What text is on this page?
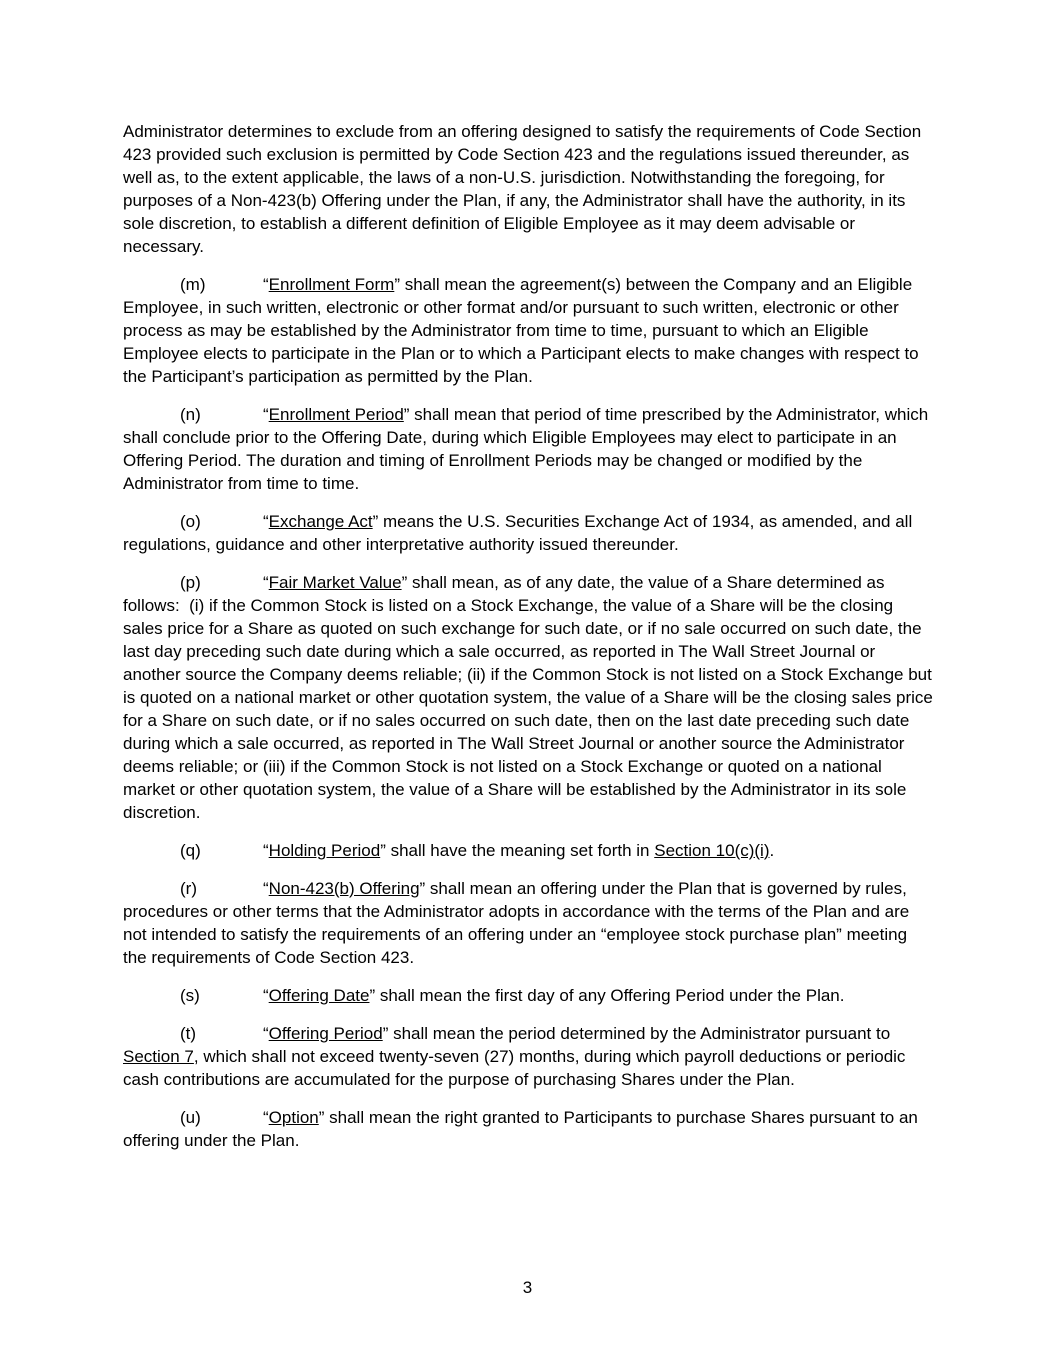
Administrator determines to exclude from an offering designed to satisfy the requirements of Code Section 423 provided such exclusion is permitted by Code Section 423 and the regulations issued thereunder, as well as, to the extent applicable, the laws of a non-U.S. jurisdiction. Notwithstanding the foregoing, for purposes of a Non-423(b) Offering under the Plan, if any, the Administrator shall have the authority, in its sole discretion, to establish a different definition of Eligible Employee as it may deem advisable or necessary.

(m)	“Enrollment Form” shall mean the agreement(s) between the Company and an Eligible Employee, in such written, electronic or other format and/or pursuant to such written, electronic or other process as may be established by the Administrator from time to time, pursuant to which an Eligible Employee elects to participate in the Plan or to which a Participant elects to make changes with respect to the Participant’s participation as permitted by the Plan.

(n)	“Enrollment Period” shall mean that period of time prescribed by the Administrator, which shall conclude prior to the Offering Date, during which Eligible Employees may elect to participate in an Offering Period. The duration and timing of Enrollment Periods may be changed or modified by the Administrator from time to time.

(o)	“Exchange Act” means the U.S. Securities Exchange Act of 1934, as amended, and all regulations, guidance and other interpretative authority issued thereunder.

(p)	“Fair Market Value” shall mean, as of any date, the value of a Share determined as follows:  (i) if the Common Stock is listed on a Stock Exchange, the value of a Share will be the closing sales price for a Share as quoted on such exchange for such date, or if no sale occurred on such date, the last day preceding such date during which a sale occurred, as reported in The Wall Street Journal or another source the Company deems reliable; (ii) if the Common Stock is not listed on a Stock Exchange but is quoted on a national market or other quotation system, the value of a Share will be the closing sales price for a Share on such date, or if no sales occurred on such date, then on the last date preceding such date during which a sale occurred, as reported in The Wall Street Journal or another source the Administrator deems reliable; or (iii) if the Common Stock is not listed on a Stock Exchange or quoted on a national market or other quotation system, the value of a Share will be established by the Administrator in its sole discretion.

(q)	“Holding Period” shall have the meaning set forth in Section 10(c)(i).

(r)	“Non-423(b) Offering” shall mean an offering under the Plan that is governed by rules, procedures or other terms that the Administrator adopts in accordance with the terms of the Plan and are not intended to satisfy the requirements of an offering under an “employee stock purchase plan” meeting the requirements of Code Section 423.

(s)	“Offering Date” shall mean the first day of any Offering Period under the Plan.

(t)	“Offering Period” shall mean the period determined by the Administrator pursuant to Section 7, which shall not exceed twenty-seven (27) months, during which payroll deductions or periodic cash contributions are accumulated for the purpose of purchasing Shares under the Plan.

(u)	“Option” shall mean the right granted to Participants to purchase Shares pursuant to an offering under the Plan.

3
